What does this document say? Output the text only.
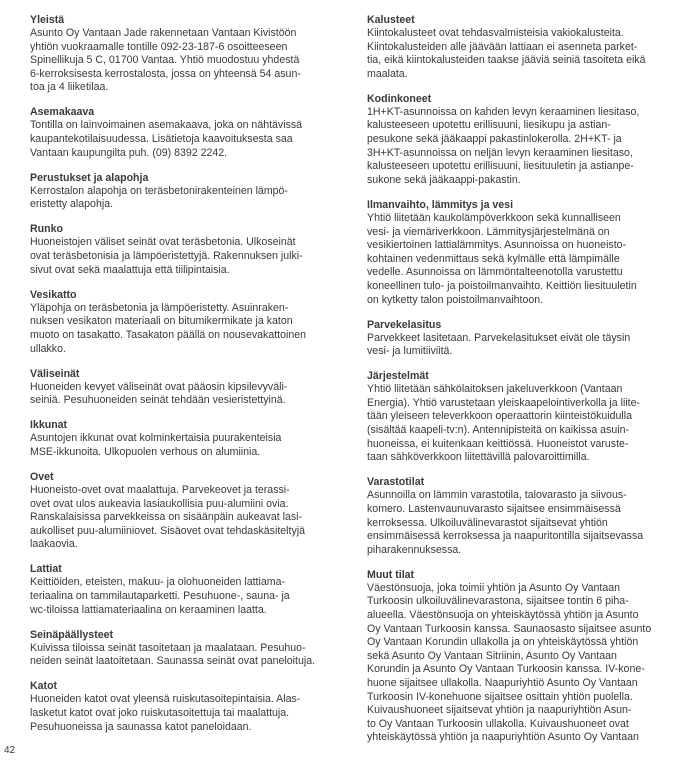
Yleistä

Asunto Oy Vantaan Jade rakennetaan Vantaan Kivistöön
yhtiön vuokraamalle tontille 092-23-187-6 osoitteeseen
Spinellikuja 5 C, 01700 Vantaa. Yhtiö muodostuu yhdestä
6-kerroksisesta kerrostalosta, jossa on yhteensä 54 asun-
toa ja 4 liiketilaa.

Asemakaava

Tontilla on lainvoimainen asemakaava, joka on nähtävissä
kaupantekotilaisuudessa. Lisätietoja kaavoituksesta saa
Vantaan kaupungilta puh. (09) 8392 2242.

Perustukset ja alapohja

Kerrostalon alapohja on teräsbetonirakenteinen lämpö-
eristetty alapohja.

Runko

Huoneistojen väliset seinät ovat teräsbetonia. Ulkoseinät
ovat teräsbetonisia ja lämpöeristettyjä. Rakennuksen julki-
sivut ovat sekä maalattuja että tiilipintaisia.

Vesikatto

Yläpohja on teräsbetonia ja lämpöeristetty. Asuinraken-
nuksen vesikaton materiaali on bitumikermikate ja katon
muoto on tasakatto. Tasakaton päällä on nousevakattoinen
ullakko.

Väliseinät

Huoneiden kevyet väliseinät ovat pääosin kipsilevyväli-
seiniä. Pesuhuoneiden seinät tehdään vesieristettyinä.

Ikkunat

Asuntojen ikkunat ovat kolminkertaisia puurakenteisia
MSE-ikkunoita. Ulkopuolen verhous on alumiinia.

Ovet

Huoneisto-ovet ovat maalattuja. Parvekeovet ja terassi-
ovet ovat ulos aukeavia lasiaukollisia puu-alumiini ovia.
Ranskalaisissa parvekkeissa on sisäänpäin aukeavat lasi-
aukolliset puu-alumiiniovet. Sisäovet ovat tehdaskäsiteltyjä
laakaovia.

Lattiat

Keittiöiden, eteisten, makuu- ja olohuoneiden lattiama-
teriaalina on tammilautaparketti. Pesuhuone-, sauna- ja
wc-tiloissa lattiamateriaalina on keraaminen laatta.

Seinäpäällysteet

Kuivissa tiloissa seinät tasoitetaan ja maalataan. Pesuhuo-
neiden seinät laatoitetaan. Saunassa seinät ovat paneloituja.

Katot

Huoneiden katot ovat yleensä ruiskutasoitepintaisia. Alas-
lasketut katot ovat joko ruiskutasoitettuja tai maalattuja.
Pesuhuoneissa ja saunassa katot paneloidaan.

Kalusteet

Kiintokalusteet ovat tehdasvalmisteisia vakiokalusteita.
Kiintokalusteiden alle jäävään lattiaan ei asenneta parket-
tia, eikä kiintokalusteiden taakse jääviä seiniä tasoiteta eikä
maalata.

Kodinkoneet

1H+KT-asunnoissa on kahden levyn keraaminen liesitaso,
kalusteeseen upotettu erillisuuni, liesikupu ja astian-
pesukone sekä jääkaappi pakastinlokerolla. 2H+KT- ja
3H+KT-asunnoissa on neljän levyn keraaminen liesitaso,
kalusteeseen upotettu erillisuuni, liesituuletin ja astianpe-
sukone sekä jääkaappi-pakastin.

Ilmanvaihto, lämmitys ja vesi

Yhtiö liitetään kaukolämpöverkkoon sekä kunnalliseen
vesi- ja viemäriverkkoon. Lämmitysjärjestelmänä on
vesikiertoinen lattialämmitys. Asunnoissa on huoneisto-
kohtainen vedenmittaus sekä kylmälle että lämpimälle
vedelle. Asunnoissa on lämmöntalteenotolla varustettu
koneellinen tulo- ja poistoilmanvaihto. Keittiön liesituuletin
on kytketty talon poistoilmanvaihtoon.

Parvekelasitus

Parvekkeet lasitetaan. Parvekelasitukset eivät ole täysin
vesi- ja lumitiiviitä.

Järjestelmät

Yhtiö liitetään sähkölaitoksen jakeluverkkoon (Vantaan
Energia). Yhtiö varustetaan yleiskaapelointiverkolla ja liite-
tään yleiseen televerkkoon operaattorin kiinteistökuidulla
(sisältää kaapeli-tv:n). Antennipisteitä on kaikissa asuin-
huoneissa, ei kuitenkaan keittiössä. Huoneistot varuste-
taan sähköverkkoon liitettävillä palovaroittimilla.

Varastotilat

Asunnoilla on lämmin varastotila, talovarasto ja siivous-
komero. Lastenvaunuvarasto sijaitsee ensimmäisessä
kerroksessa. Ulkoiluvälinevarastot sijaitsevat yhtiön
ensimmäisessä kerroksessa ja naapuritontilla sijaitsevassa
piharakennuksessa.

Muut tilat

Väestönsuoja, joka toimii yhtiön ja Asunto Oy Vantaan
Turkoosin ulkoiluvälinevarastona, sijaitsee tontin 6 piha-
alueella. Väestönsuoja on yhteiskäytössä yhtiön ja Asunto
Oy Vantaan Turkoosin kanssa. Saunaosasto sijaitsee asunto
Oy Vantaan Korundin ullakolla ja on yhteiskäytössä yhtiön
sekä Asunto Oy Vantaan Sitriinin, Asunto Oy Vantaan
Korundin ja Asunto Oy Vantaan Turkoosin kanssa. IV-kone-
huone sijaitsee ullakolla. Naapuriyhtiö Asunto Oy Vantaan
Turkoosin IV-konehuone sijaitsee osittain yhtiön puolella.
Kuivaushuoneet sijaitsevat yhtiön ja naapuriyhtiön Asun-
to Oy Vantaan Turkoosin ullakolla. Kuivaushuoneet ovat
yhteiskäytössä yhtiön ja naapuriyhtiön Asunto Oy Vantaan

42
